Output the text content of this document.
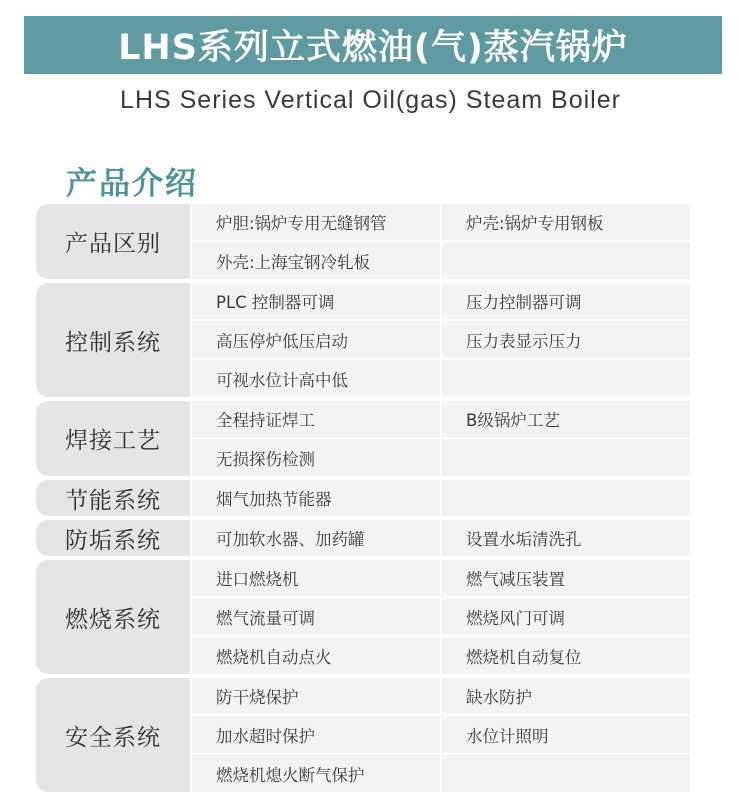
LHS系列立式燃油(气)蒸汽锅炉
LHS Series Vertical Oil(gas) Steam Boiler
产品介绍
产品区别
炉胆:锅炉专用无缝钢管	炉壳:锅炉专用钢板
外壳:上海宝钢冷轧板
控制系统
PLC 控制器可调	压力控制器可调
高压停炉低压启动	压力表显示压力
可视水位计高中低
焊接工艺
全程持证焊工	B级锅炉工艺
无损探伤检测
节能系统	烟气加热节能器
防垢系统	可加软水器、加药罐	设置水垢清洗孔
燃烧系统
进口燃烧机	燃气减压装置
燃气流量可调	燃烧风门可调
燃烧机自动点火	燃烧机自动复位
安全系统
防干烧保护	缺水防护
加水超时保护	水位计照明
燃烧机熄火断气保护
